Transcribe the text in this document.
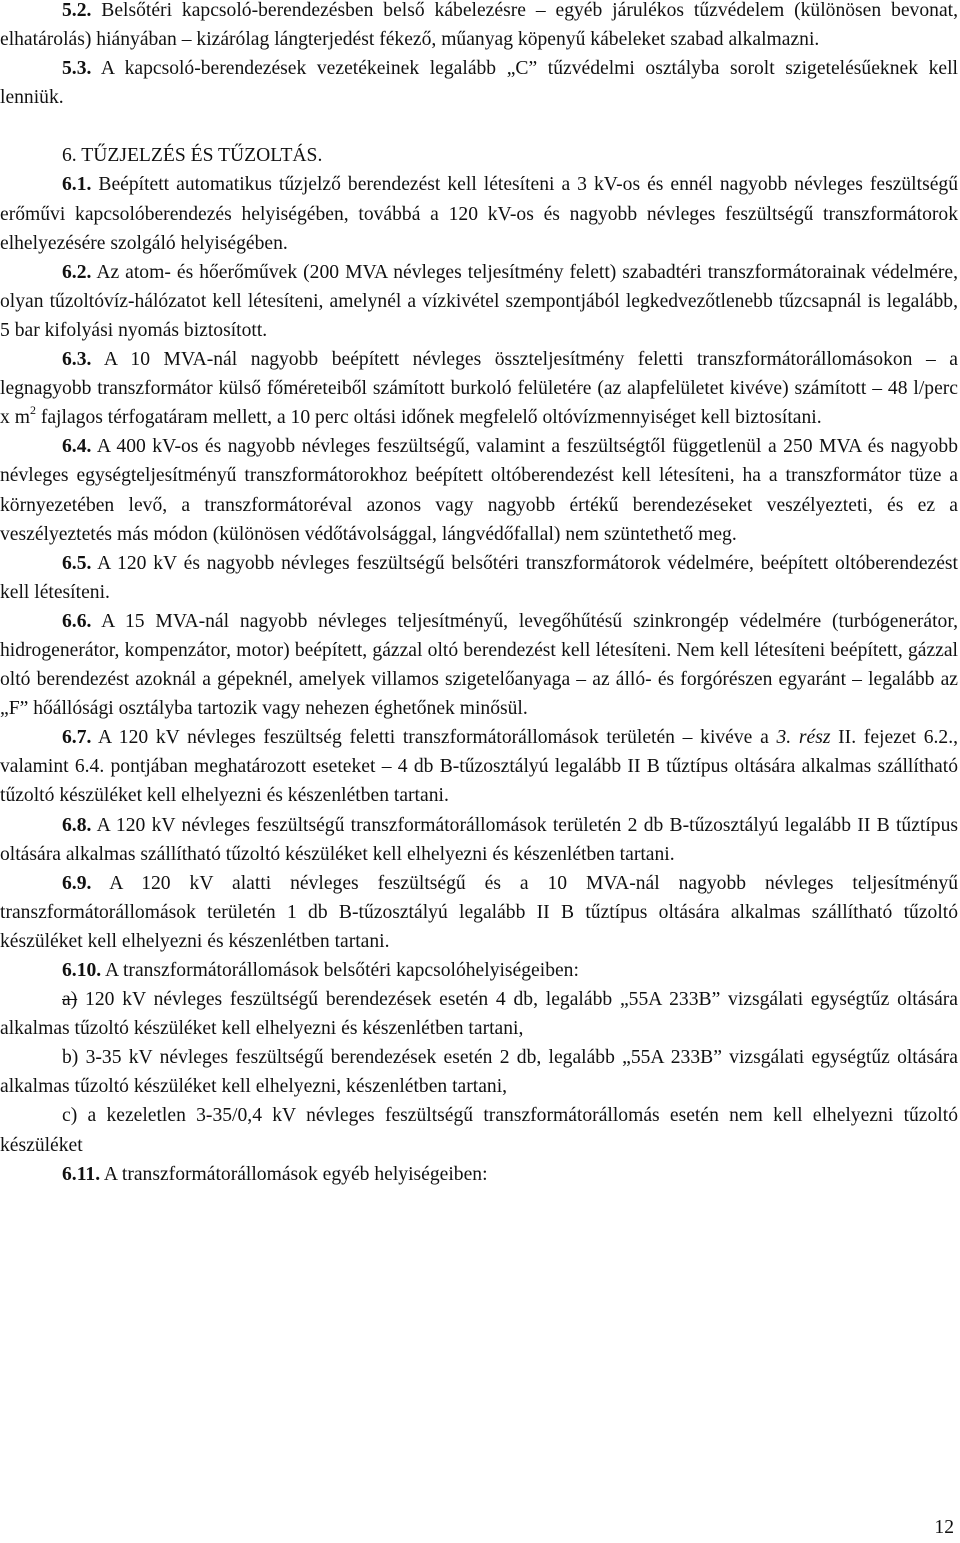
5.2. Belsőtéri kapcsoló-berendezésben belső kábelezésre – egyéb járulékos tűzvédelem (különösen bevonat, elhatárolás) hiányában – kizárólag lángterjedést fékező, műanyag köpenyű kábeleket szabad alkalmazni.

5.3. A kapcsoló-berendezések vezetékeinek legalább „C” tűzvédelmi osztályba sorolt szigetelésűeknek kell lenniük.

6. TŰZJELZÉS ÉS TŰZOLTÁS.

6.1. Beépített automatikus tűzjelző berendezést kell létesíteni a 3 kV-os és ennél nagyobb névleges feszültségű erőművi kapcsolóberendezés helyiségében, továbbá a 120 kV-os és nagyobb névleges feszültségű transzformátorok elhelyezésére szolgáló helyiségében.

6.2. Az atom- és hőerőművek (200 MVA névleges teljesítmény felett) szabadtéri transzformátorainak védelmére, olyan tűzoltóvíz-hálózatot kell létesíteni, amelynél a vízkivétel szempontjából legkedvezőtlenebb tűzcsapnál is legalább, 5 bar kifolyási nyomás biztosított.

6.3. A 10 MVA-nál nagyobb beépített névleges összteljesítmény feletti transzformátorállomásokon – a legnagyobb transzformátor külső főméreteiből számított burkoló felületére (az alapfelületet kivéve) számított – 48 l/perc x $m^2$ fajlagos térfogatáram mellett, a 10 perc oltási időnek megfelelő oltóvízmennyiséget kell biztosítani.

6.4. A 400 kV-os és nagyobb névleges feszültségű, valamint a feszültségtől függetlenül a 250 MVA és nagyobb névleges egységteljesítményű transzformátorokhoz beépített oltóberendezést kell létesíteni, ha a transzformátor tüze a környezetében levő, a transzformátoréval azonos vagy nagyobb értékű berendezéseket veszélyezteti, és ez a veszélyeztetés más módon (különösen védőtávolsággal, lángvédőfallal) nem szüntethető meg.

6.5. A 120 kV és nagyobb névleges feszültségű belsőtéri transzformátorok védelmére, beépített oltóberendezést kell létesíteni.

6.6. A 15 MVA-nál nagyobb névleges teljesítményű, levegőhűtésű szinkrongép védelmére (turbógenerátor, hidrogenerátor, kompenzátor, motor) beépített, gázzal oltó berendezést kell létesíteni. Nem kell létesíteni beépített, gázzal oltó berendezést azoknál a gépeknél, amelyek villamos szigetelőanyaga – az álló- és forgórészen egyaránt – legalább az „F” hőállósági osztályba tartozik vagy nehezen éghetőnek minősül.

6.7. A 120 kV névleges feszültség feletti transzformátorállomások területén – kivéve a 3. rész II. fejezet 6.2., valamint 6.4. pontjában meghatározott eseteket – 4 db B-tűzosztályú legalább II B tűztípus oltására alkalmas szállítható tűzoltó készüléket kell elhelyezni és készenlétben tartani.

6.8. A 120 kV névleges feszültségű transzformátorállomások területén 2 db B-tűzosztályú legalább II B tűztípus oltására alkalmas szállítható tűzoltó készüléket kell elhelyezni és készenlétben tartani.

6.9. A 120 kV alatti névleges feszültségű és a 10 MVA-nál nagyobb névleges teljesítményű transzformátorállomások területén 1 db B-tűzosztályú legalább II B tűztípus oltására alkalmas szállítható tűzoltó készüléket kell elhelyezni és készenlétben tartani.

6.10. A transzformátorállomások belsőtéri kapcsolóhelyiségeiben:

a) 120 kV névleges feszültségű berendezések esetén 4 db, legalább „55A 233B” vizsgálati egységtűz oltására alkalmas tűzoltó készüléket kell elhelyezni és készenlétben tartani,

b) 3-35 kV névleges feszültségű berendezések esetén 2 db, legalább „55A 233B” vizsgálati egységtűz oltására alkalmas tűzoltó készüléket kell elhelyezni, készenlétben tartani,

c) a kezeletlen 3-35/0,4 kV névleges feszültségű transzformátorállomás esetén nem kell elhelyezni tűzoltó készüléket

6.11. A transzformátorállomások egyéb helyiségeiben:

12
